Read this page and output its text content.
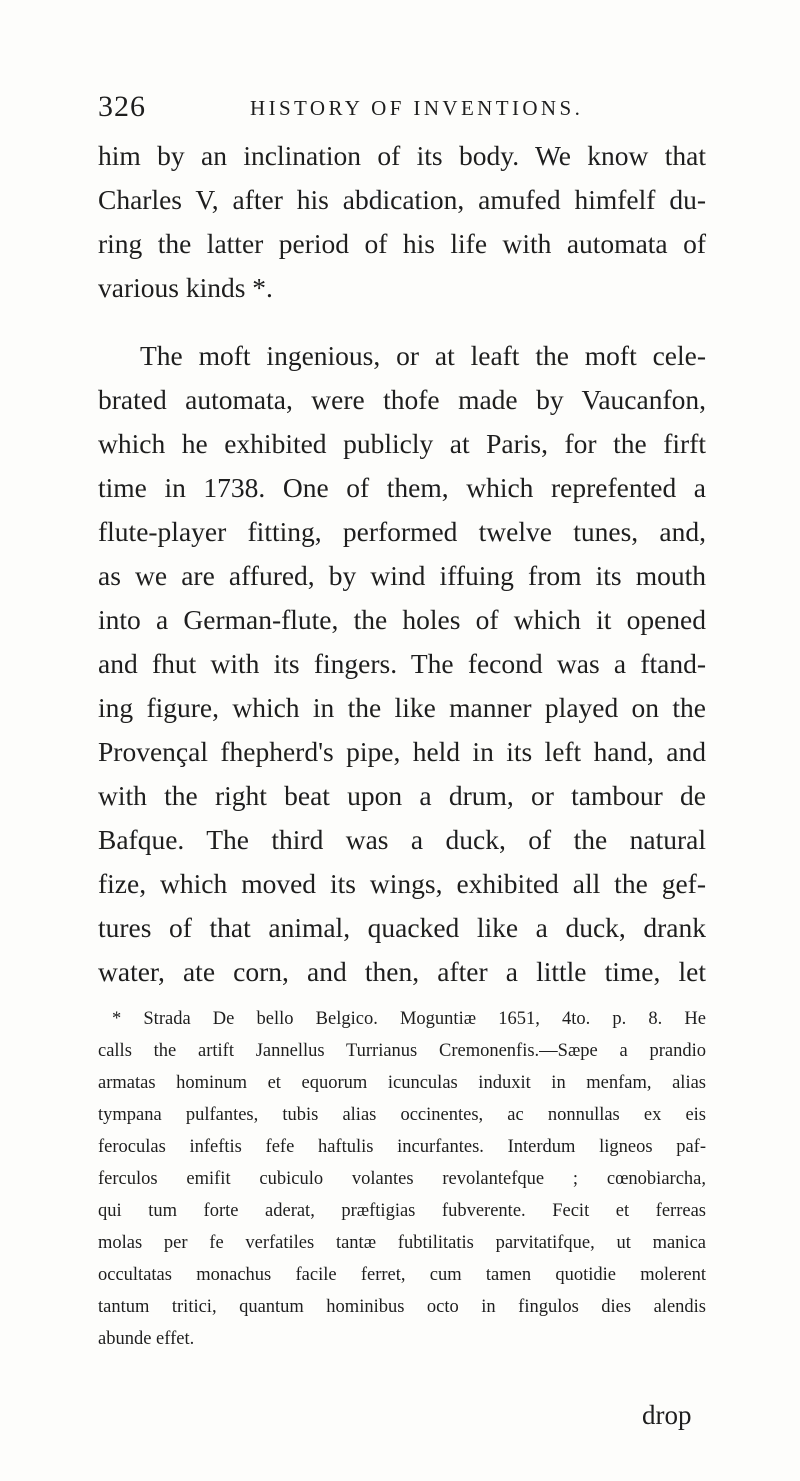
326	HISTORY OF INVENTIONS.
him by an inclination of its body. We know that
Charles V, after his abdication, amufed himfelf du-
ring the latter period of his life with automata of
various kinds *.
The moft ingenious, or at leaft the moft cele-
brated automata, were thofe made by Vaucanfon,
which he exhibited publicly at Paris, for the firft
time in 1738. One of them, which reprefented a
flute-player fitting, performed twelve tunes, and,
as we are affured, by wind iffuing from its mouth
into a German-flute, the holes of which it opened
and fhut with its fingers. The fecond was a ftand-
ing figure, which in the like manner played on the
Provençal fhepherd's pipe, held in its left hand, and
with the right beat upon a drum, or tambour de
Bafque. The third was a duck, of the natural
fize, which moved its wings, exhibited all the gef-
tures of that animal, quacked like a duck, drank
water, ate corn, and then, after a little time, let
* Strada De bello Belgico. Moguntiæ 1651, 4to. p. 8. He
calls the artift Jannellus Turrianus Cremonenfis.—Sæpe a prandio
armatas hominum et equorum icunculas induxit in menfam, alias
tympana pulfantes, tubis alias occinentes, ac nonnullas ex eis
feroculas infeftis fefe haftulis incurfantes. Interdum ligneos paf-
ferculos emifit cubiculo volantes revolantefque ; cœnobiarcha,
qui tum forte aderat, præftigias fubverente. Fecit et ferreas
molas per fe verfatiles tantæ fubtilitatis parvitatifque, ut manica
occultatas monachus facile ferret, cum tamen quotidie molerent
tantum tritici, quantum hominibus octo in fingulos dies alendis
abunde effet.
drop
